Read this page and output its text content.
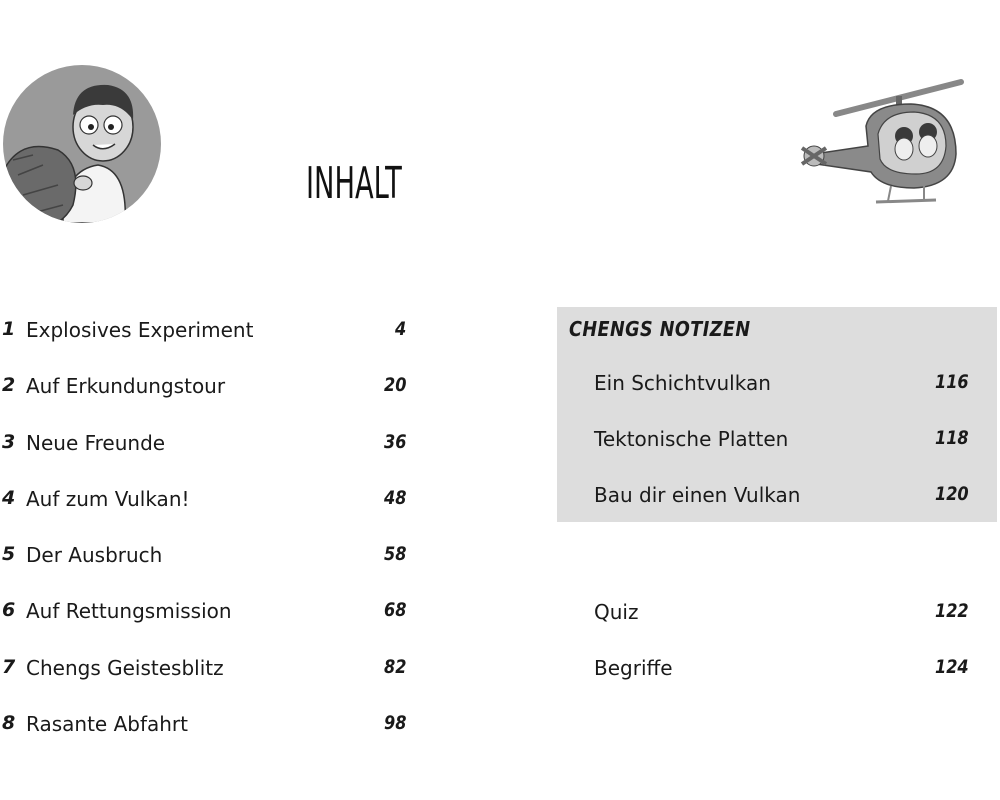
INHALT
1 Explosives Experiment	4
2 Auf Erkundungstour	20
3 Neue Freunde	36
4 Auf zum Vulkan!	48
5 Der Ausbruch	58
6 Auf Rettungsmission	68
7 Chengs Geistesblitz	82
8 Rasante Abfahrt	98
CHENGS NOTIZEN
Ein Schichtvulkan	116
Tektonische Platten	118
Bau dir einen Vulkan	120
Quiz	122
Begriffe	124
